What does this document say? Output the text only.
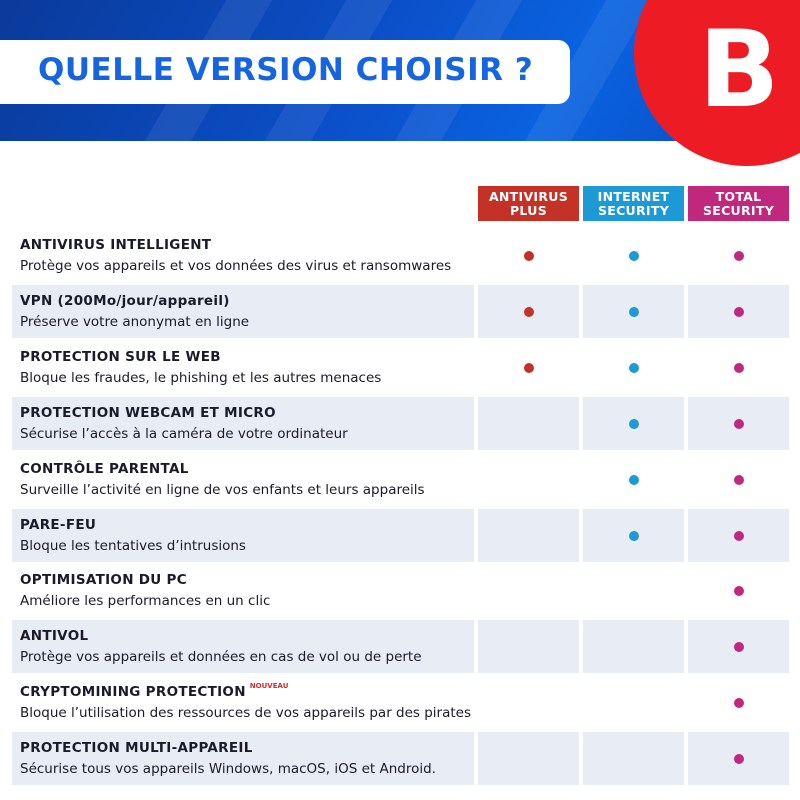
QUELLE VERSION CHOISIR ? B
ANTIVIRUS PLUS
INTERNET SECURITY
TOTAL SECURITY
ANTIVIRUS INTELLIGENT
Protège vos appareils et vos données des virus et ransomwares
VPN (200Mo/jour/appareil)
Préserve votre anonymat en ligne
PROTECTION SUR LE WEB
Bloque les fraudes, le phishing et les autres menaces
PROTECTION WEBCAM ET MICRO
Sécurise l’accès à la caméra de votre ordinateur
CONTRÔLE PARENTAL
Surveille l’activité en ligne de vos enfants et leurs appareils
PARE-FEU
Bloque les tentatives d’intrusions
OPTIMISATION DU PC
Améliore les performances en un clic
ANTIVOL
Protège vos appareils et données en cas de vol ou de perte
CRYPTOMINING PROTECTION $^{NOUVEAU}$
Bloque l’utilisation des ressources de vos appareils par des pirates
PROTECTION MULTI-APPAREIL
Sécurise tous vos appareils Windows, macOS, iOS et Android.
